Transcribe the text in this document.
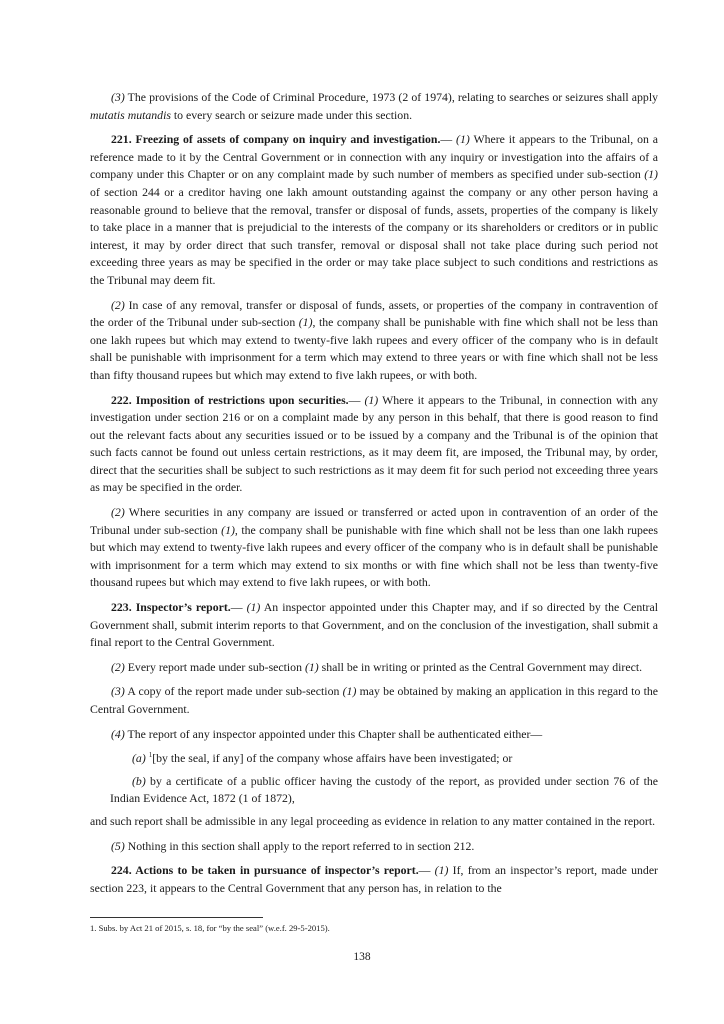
(3) The provisions of the Code of Criminal Procedure, 1973 (2 of 1974), relating to searches or seizures shall apply mutatis mutandis to every search or seizure made under this section.

221. Freezing of assets of company on inquiry and investigation.— (1) Where it appears to the Tribunal, on a reference made to it by the Central Government or in connection with any inquiry or investigation into the affairs of a company under this Chapter or on any complaint made by such number of members as specified under sub-section (1) of section 244 or a creditor having one lakh amount outstanding against the company or any other person having a reasonable ground to believe that the removal, transfer or disposal of funds, assets, properties of the company is likely to take place in a manner that is prejudicial to the interests of the company or its shareholders or creditors or in public interest, it may by order direct that such transfer, removal or disposal shall not take place during such period not exceeding three years as may be specified in the order or may take place subject to such conditions and restrictions as the Tribunal may deem fit.

(2) In case of any removal, transfer or disposal of funds, assets, or properties of the company in contravention of the order of the Tribunal under sub-section (1), the company shall be punishable with fine which shall not be less than one lakh rupees but which may extend to twenty-five lakh rupees and every officer of the company who is in default shall be punishable with imprisonment for a term which may extend to three years or with fine which shall not be less than fifty thousand rupees but which may extend to five lakh rupees, or with both.

222. Imposition of restrictions upon securities.— (1) Where it appears to the Tribunal, in connection with any investigation under section 216 or on a complaint made by any person in this behalf, that there is good reason to find out the relevant facts about any securities issued or to be issued by a company and the Tribunal is of the opinion that such facts cannot be found out unless certain restrictions, as it may deem fit, are imposed, the Tribunal may, by order, direct that the securities shall be subject to such restrictions as it may deem fit for such period not exceeding three years as may be specified in the order.

(2) Where securities in any company are issued or transferred or acted upon in contravention of an order of the Tribunal under sub-section (1), the company shall be punishable with fine which shall not be less than one lakh rupees but which may extend to twenty-five lakh rupees and every officer of the company who is in default shall be punishable with imprisonment for a term which may extend to six months or with fine which shall not be less than twenty-five thousand rupees but which may extend to five lakh rupees, or with both.

223. Inspector’s report.— (1) An inspector appointed under this Chapter may, and if so directed by the Central Government shall, submit interim reports to that Government, and on the conclusion of the investigation, shall submit a final report to the Central Government.

(2) Every report made under sub-section (1) shall be in writing or printed as the Central Government may direct.

(3) A copy of the report made under sub-section (1) may be obtained by making an application in this regard to the Central Government.

(4) The report of any inspector appointed under this Chapter shall be authenticated either—

(a) $^1$[by the seal, if any] of the company whose affairs have been investigated; or

(b) by a certificate of a public officer having the custody of the report, as provided under section 76 of the Indian Evidence Act, 1872 (1 of 1872),

and such report shall be admissible in any legal proceeding as evidence in relation to any matter contained in the report.

(5) Nothing in this section shall apply to the report referred to in section 212.

224. Actions to be taken in pursuance of inspector’s report.— (1) If, from an inspector’s report, made under section 223, it appears to the Central Government that any person has, in relation to the

1. Subs. by Act 21 of 2015, s. 18, for “by the seal” (w.e.f. 29-5-2015).
138
